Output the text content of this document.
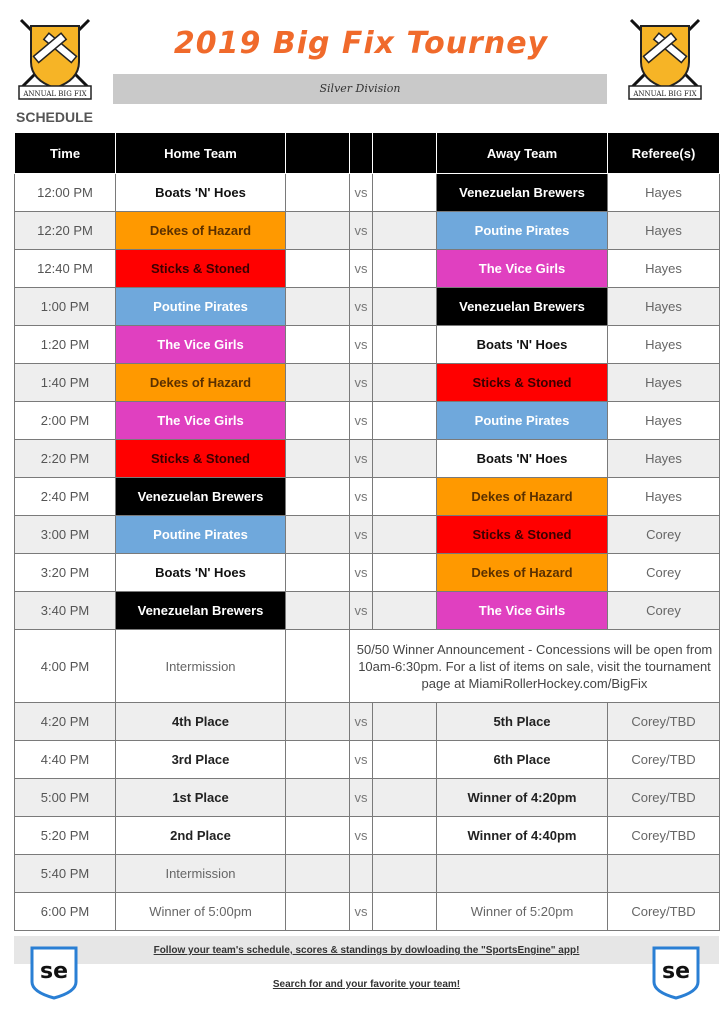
ANNUAL BIG FIX	ANNUAL BIG FIX
2019 Big Fix Tourney
Silver Division
SCHEDULE
Time	Home Team				Away Team	Referee(s)
12:00 PM	Boats 'N' Hoes		vs		Venezuelan Brewers	Hayes
12:20 PM	Dekes of Hazard		vs		Poutine Pirates	Hayes
12:40 PM	Sticks & Stoned		vs		The Vice Girls	Hayes
1:00 PM	Poutine Pirates		vs		Venezuelan Brewers	Hayes
1:20 PM	The Vice Girls		vs		Boats 'N' Hoes	Hayes
1:40 PM	Dekes of Hazard		vs		Sticks & Stoned	Hayes
2:00 PM	The Vice Girls		vs		Poutine Pirates	Hayes
2:20 PM	Sticks & Stoned		vs		Boats 'N' Hoes	Hayes
2:40 PM	Venezuelan Brewers		vs		Dekes of Hazard	Hayes
3:00 PM	Poutine Pirates		vs		Sticks & Stoned	Corey
3:20 PM	Boats 'N' Hoes		vs		Dekes of Hazard	Corey
3:40 PM	Venezuelan Brewers		vs		The Vice Girls	Corey
4:00 PM	Intermission		50/50 Winner Announcement - Concessions will be open from 10am-6:30pm. For a list of items on sale, visit the tournament page at MiamiRollerHockey.com/BigFix			
4:20 PM	4th Place		vs		5th Place	Corey/TBD
4:40 PM	3rd Place		vs		6th Place	Corey/TBD
5:00 PM	1st Place		vs		Winner of 4:20pm	Corey/TBD
5:20 PM	2nd Place		vs		Winner of 4:40pm	Corey/TBD
5:40 PM	Intermission					
6:00 PM	Winner of 5:00pm		vs		Winner of 5:20pm	Corey/TBD
se
Follow your team's schedule, scores & standings by dowloading the "SportsEngine" app!
Search for and your favorite your team!
se
